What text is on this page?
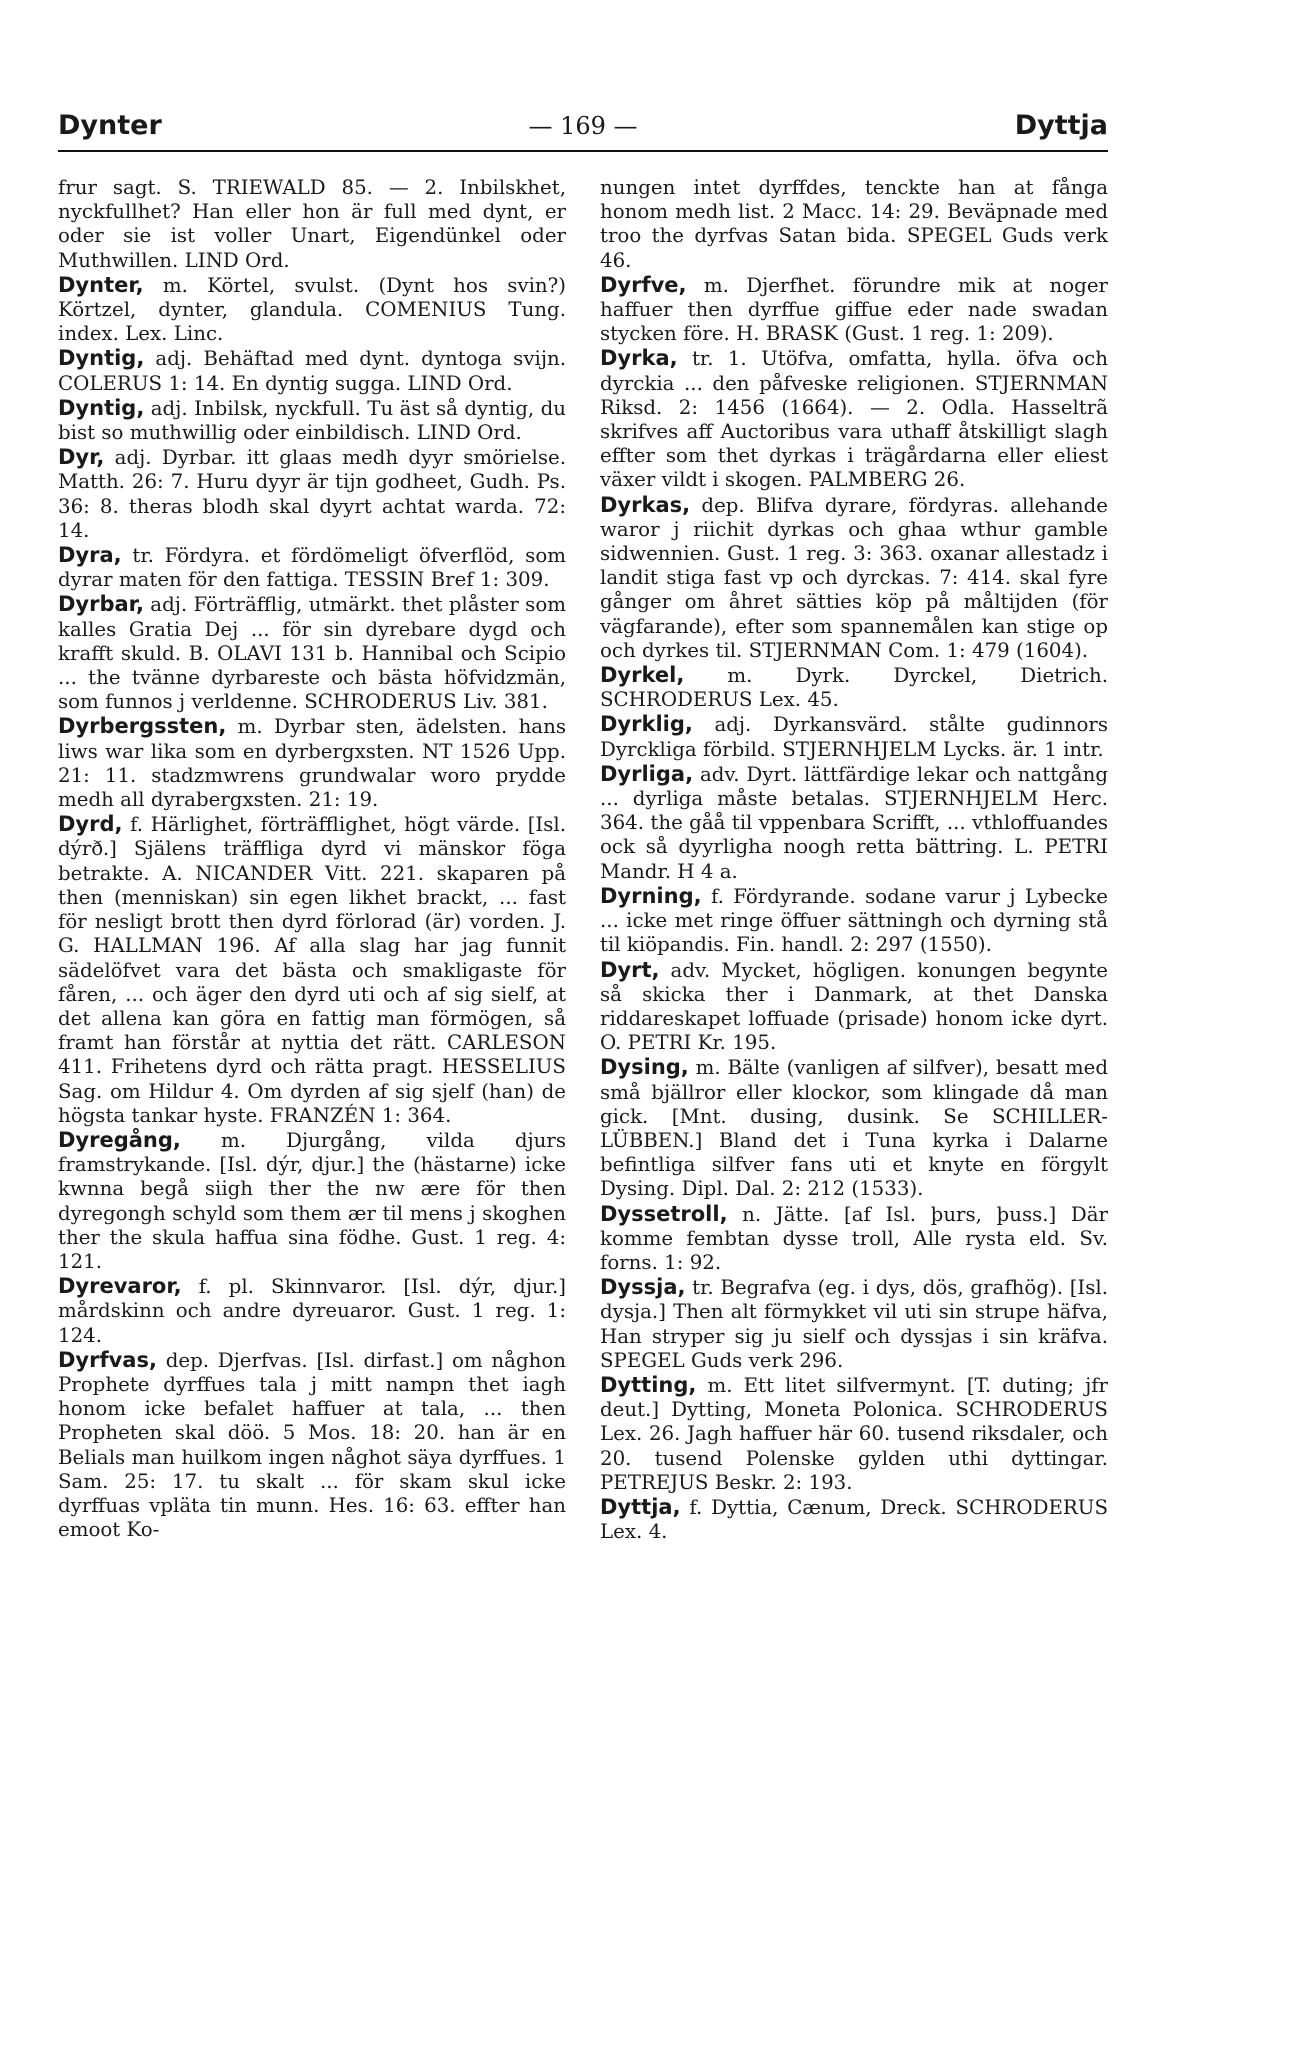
Dynter	— 169 —	Dyttja

frur sagt. S. TRIEWALD 85. — 2. Inbilskhet, nyckfullhet? Han eller hon är full med dynt, er oder sie ist voller Unart, Eigendünkel oder Muthwillen. LIND Ord.

Dynter, m. Körtel, svulst. (Dynt hos svin?) Körtzel, dynter, glandula. COMENIUS Tung. index. Lex. Linc.

Dyntig, adj. Behäftad med dynt. dyntoga svijn. COLERUS 1: 14. En dyntig sugga. LIND Ord.

Dyntig, adj. Inbilsk, nyckfull. Tu äst så dyntig, du bist so muthwillig oder einbildisch. LIND Ord.

Dyr, adj. Dyrbar. itt glaas medh dyyr smörielse. Matth. 26: 7. Huru dyyr är tijn godheet, Gudh. Ps. 36: 8. theras blodh skal dyyrt achtat warda. 72: 14.

Dyra, tr. Fördyra. et fördömeligt öfverflöd, som dyrar maten för den fattiga. TESSIN Bref 1: 309.

Dyrbar, adj. Förträfflig, utmärkt. thet plåster som kalles Gratia Dej ... för sin dyrebare dygd och krafft skuld. B. OLAVI 131 b. Hannibal och Scipio ... the tvänne dyrbareste och bästa höfvidzmän, som funnos j verldenne. SCHRODERUS Liv. 381.

Dyrbergssten, m. Dyrbar sten, ädelsten. hans liws war lika som en dyrbergxsten. NT 1526 Upp. 21: 11. stadzmwrens grundwalar woro prydde medh all dyrabergxsten. 21: 19.

Dyrd, f. Härlighet, förträfflighet, högt värde. [Isl. dýrð.] Själens träffliga dyrd vi mänskor föga betrakte. A. NICANDER Vitt. 221. skaparen på then (menniskan) sin egen likhet brackt, ... fast för nesligt brott then dyrd förlorad (är) vorden. J. G. HALLMAN 196. Af alla slag har jag funnit sädelöfvet vara det bästa och smakligaste för fåren, ... och äger den dyrd uti och af sig sielf, at det allena kan göra en fattig man förmögen, så framt han förstår at nyttia det rätt. CARLESON 411. Frihetens dyrd och rätta pragt. HESSELIUS Sag. om Hildur 4. Om dyrden af sig sjelf (han) de högsta tankar hyste. FRANZÉN 1: 364.

Dyregång, m. Djurgång, vilda djurs framstrykande. [Isl. dýr, djur.] the (hästarne) icke kwnna begå siigh ther the nw ære för then dyregongh schyld som them ær til mens j skoghen ther the skula haffua sina födhe. Gust. 1 reg. 4: 121.

Dyrevaror, f. pl. Skinnvaror. [Isl. dýr, djur.] mårdskinn och andre dyreuaror. Gust. 1 reg. 1: 124.

Dyrfvas, dep. Djerfvas. [Isl. dirfast.] om någhon Prophete dyrffues tala j mitt nampn thet iagh honom icke befalet haffuer at tala, ... then Propheten skal döö. 5 Mos. 18: 20. han är en Belials man huilkom ingen någhot säya dyrffues. 1 Sam. 25: 17. tu skalt ... för skam skul icke dyrffuas vpläta tin munn. Hes. 16: 63. effter han emoot Ko-

nungen intet dyrffdes, tenckte han at fånga honom medh list. 2 Macc. 14: 29. Beväpnade med troo the dyrfvas Satan bida. SPEGEL Guds verk 46.

Dyrfve, m. Djerfhet. förundre mik at noger haffuer then dyrffue giffue eder nade swadan stycken före. H. BRASK (Gust. 1 reg. 1: 209).

Dyrka, tr. 1. Utöfva, omfatta, hylla. öfva och dyrckia ... den påfveske religionen. STJERNMAN Riksd. 2: 1456 (1664). — 2. Odla. Hasseltrã skrifves aff Auctoribus vara uthaff åtskilligt slagh effter som thet dyrkas i trägårdarna eller eliest växer vildt i skogen. PALMBERG 26.

Dyrkas, dep. Blifva dyrare, fördyras. allehande waror j riichit dyrkas och ghaa wthur gamble sidwennien. Gust. 1 reg. 3: 363. oxanar allestadz i landit stiga fast vp och dyrckas. 7: 414. skal fyre gånger om åhret sätties köp på måltijden (för vägfarande), efter som spannemålen kan stige op och dyrkes til. STJERNMAN Com. 1: 479 (1604).

Dyrkel, m. Dyrk. Dyrckel, Dietrich. SCHRODERUS Lex. 45.

Dyrklig, adj. Dyrkansvärd. stålte gudinnors Dyrckliga förbild. STJERNHJELM Lycks. är. 1 intr.

Dyrliga, adv. Dyrt. lättfärdige lekar och nattgång ... dyrliga måste betalas. STJERNHJELM Herc. 364. the gåå til vppenbara Scrifft, ... vthloffuandes ock så dyyrligha noogh retta bättring. L. PETRI Mandr. H 4 a.

Dyrning, f. Fördyrande. sodane varur j Lybecke ... icke met ringe öffuer sättningh och dyrning stå til kiöpandis. Fin. handl. 2: 297 (1550).

Dyrt, adv. Mycket, högligen. konungen begynte så skicka ther i Danmark, at thet Danska riddareskapet loffuade (prisade) honom icke dyrt. O. PETRI Kr. 195.

Dysing, m. Bälte (vanligen af silfver), besatt med små bjällror eller klockor, som klingade då man gick. [Mnt. dusing, dusink. Se SCHILLER-LÜBBEN.] Bland det i Tuna kyrka i Dalarne befintliga silfver fans uti et knyte en förgylt Dysing. Dipl. Dal. 2: 212 (1533).

Dyssetroll, n. Jätte. [af Isl. þurs, þuss.] Där komme fembtan dysse troll, Alle rysta eld. Sv. forns. 1: 92.

Dyssja, tr. Begrafva (eg. i dys, dös, grafhög). [Isl. dysja.] Then alt förmykket vil uti sin strupe häfva, Han stryper sig ju sielf och dyssjas i sin kräfva. SPEGEL Guds verk 296.

Dytting, m. Ett litet silfvermynt. [T. duting; jfr deut.] Dytting, Moneta Polonica. SCHRODERUS Lex. 26. Jagh haffuer här 60. tusend riksdaler, och 20. tusend Polenske gylden uthi dyttingar. PETREJUS Beskr. 2: 193.

Dyttja, f. Dyttia, Cænum, Dreck. SCHRODERUS Lex. 4.
